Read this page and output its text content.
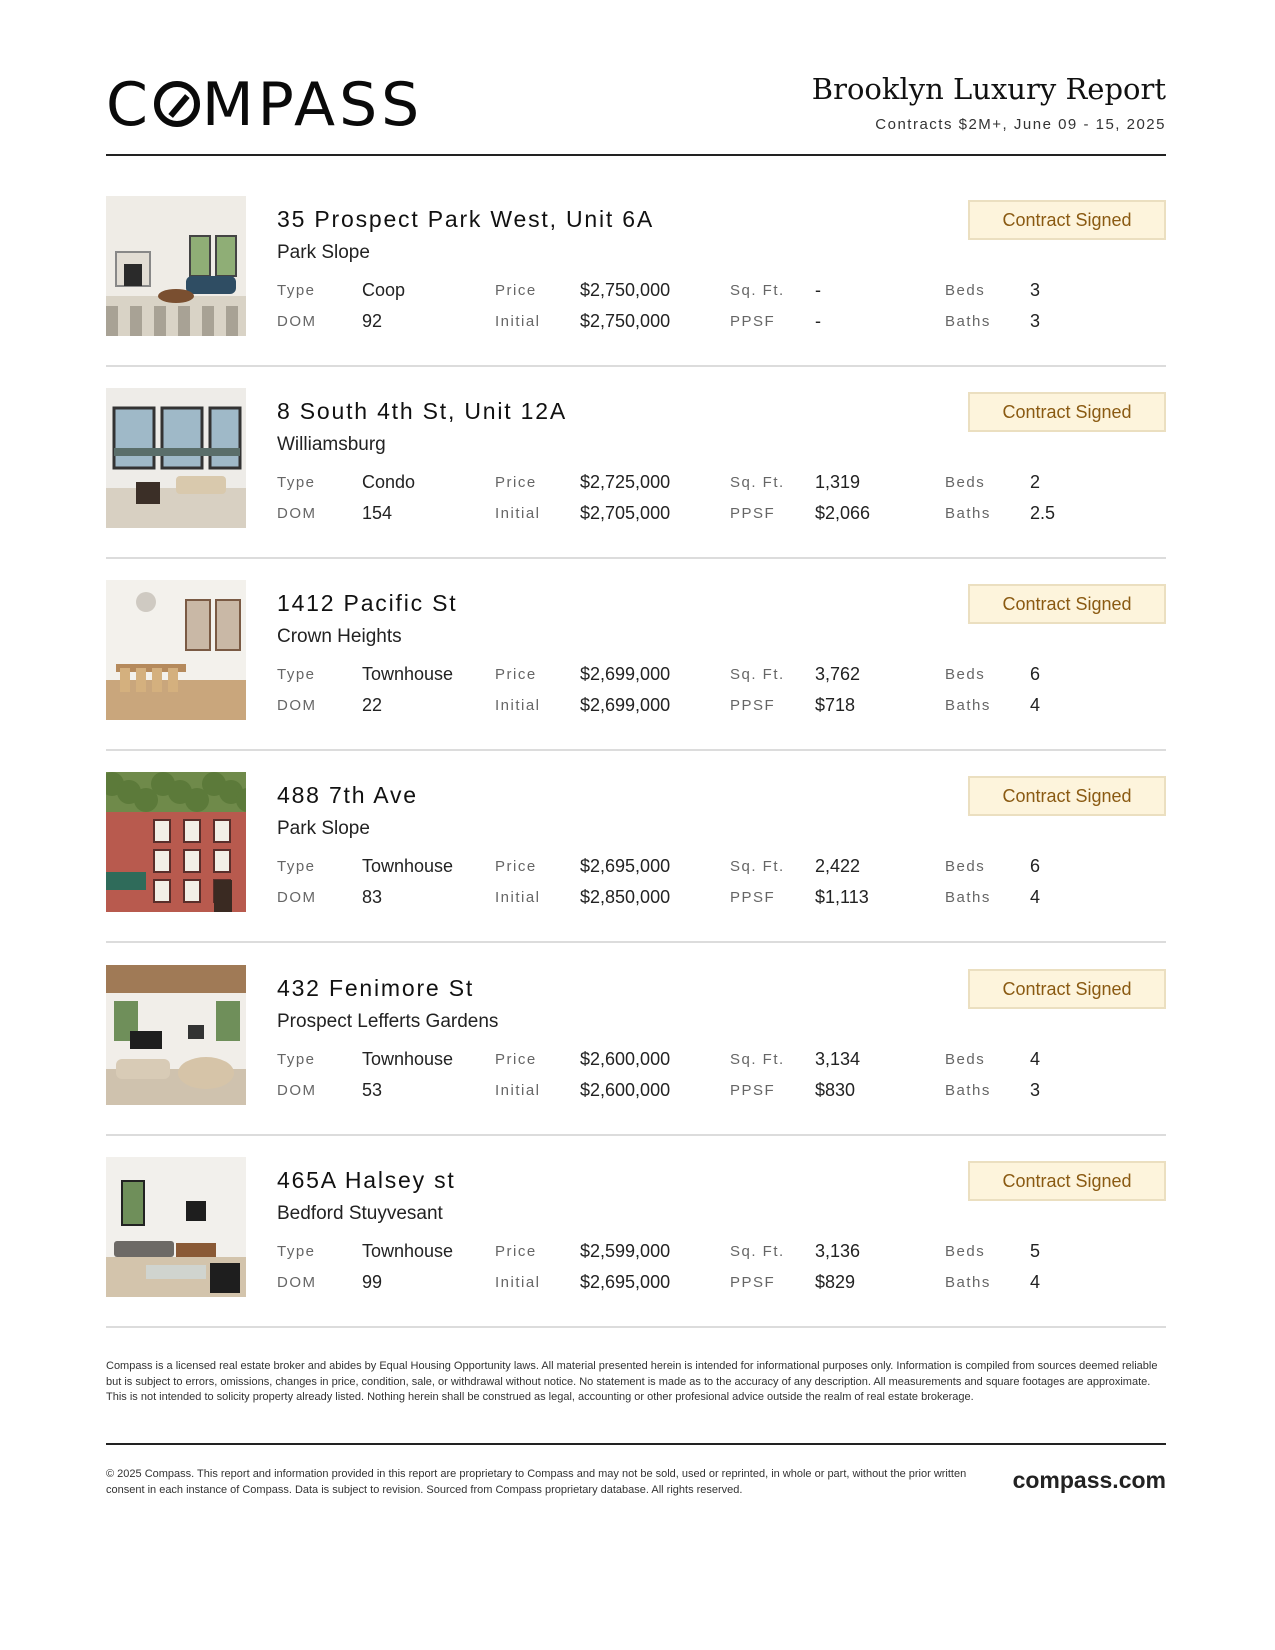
C MPASS	Brooklyn Luxury Report
Contracts $2M+, June 09 - 15, 2025
35 Prospect Park West, Unit 6A
Park Slope
Contract Signed
Type	Coop	Price $2,750,000	Sq. Ft. -	Beds 3
DOM	92	Initial $2,750,000	PPSF -	Baths 3
8 South 4th St, Unit 12A
Williamsburg
Contract Signed
Type	Condo	Price $2,725,000	Sq. Ft. 1,319	Beds 2
DOM	154	Initial $2,705,000	PPSF $2,066	Baths 2.5
1412 Pacific St
Crown Heights
Contract Signed
Type	Townhouse	Price $2,699,000	Sq. Ft. 3,762	Beds 6
DOM	22	Initial $2,699,000	PPSF $718	Baths 4
488 7th Ave
Park Slope
Contract Signed
Type	Townhouse	Price $2,695,000	Sq. Ft. 2,422	Beds 6
DOM	83	Initial $2,850,000	PPSF $1,113	Baths 4
432 Fenimore St
Prospect Lefferts Gardens
Contract Signed
Type	Townhouse	Price $2,600,000	Sq. Ft. 3,134	Beds 4
DOM	53	Initial $2,600,000	PPSF $830	Baths 3
465A Halsey st
Bedford Stuyvesant
Contract Signed
Type	Townhouse	Price $2,599,000	Sq. Ft. 3,136	Beds 5
DOM	99	Initial $2,695,000	PPSF $829	Baths 4
Compass is a licensed real estate broker and abides by Equal Housing Opportunity laws. All material presented herein is intended for informational purposes only. Information is compiled from sources deemed reliable but is subject to errors, omissions, changes in price, condition, sale, or withdrawal without notice. No statement is made as to the accuracy of any description. All measurements and square footages are approximate. This is not intended to solicity property already listed. Nothing herein shall be construed as legal, accounting or other profesional advice outside the realm of real estate brokerage.
© 2025 Compass. This report and information provided in this report are proprietary to Compass and may not be sold, used or reprinted, in whole or part, without the prior written consent in each instance of Compass. Data is subject to revision. Sourced from Compass proprietary database. All rights reserved.	compass.com
